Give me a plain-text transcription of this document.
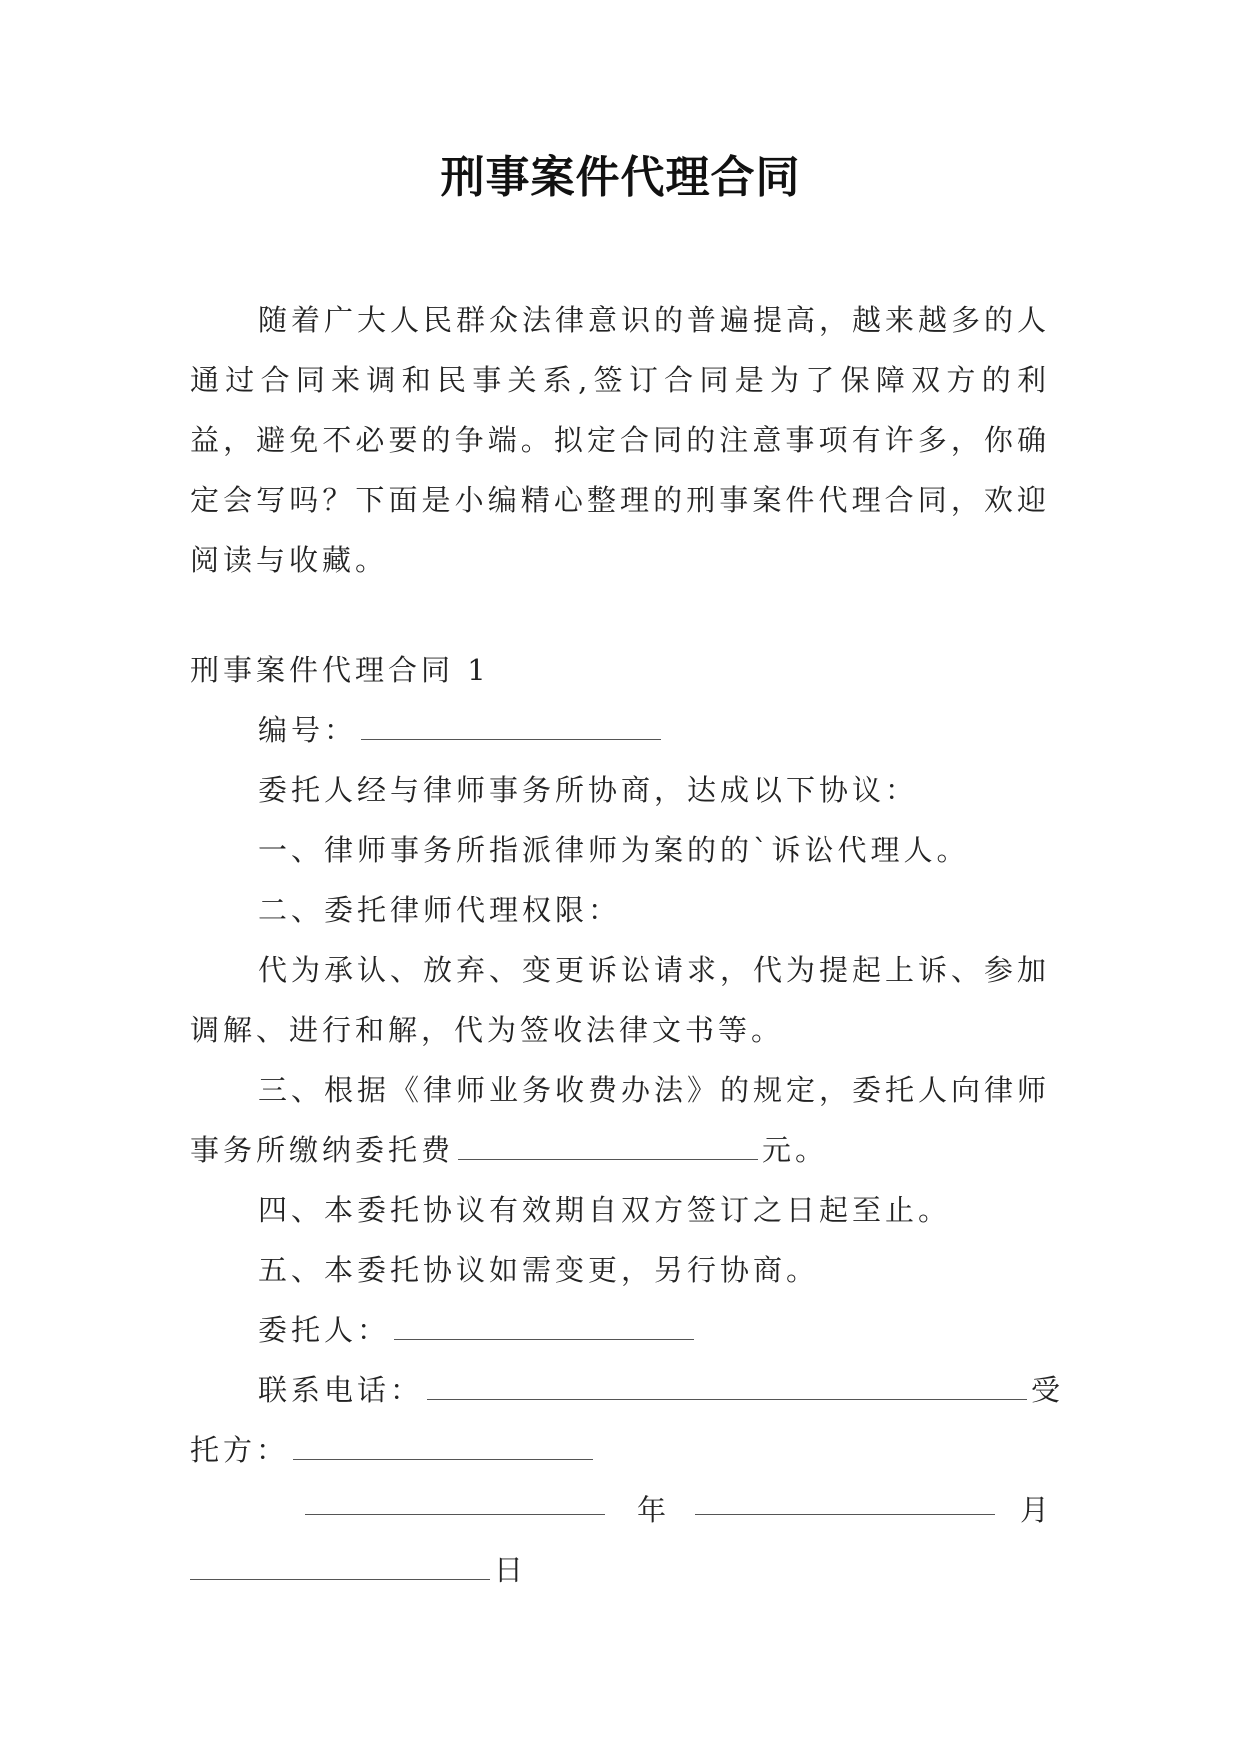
刑事案件代理合同
随着广大人民群众法律意识的普遍提高，越来越多的人通过合同来调和民事关系,签订合同是为了保障双方的利益，避免不必要的争端。拟定合同的注意事项有许多，你确定会写吗？下面是小编精心整理的刑事案件代理合同，欢迎阅读与收藏。
刑事案件代理合同 1
编号：
委托人经与律师事务所协商，达成以下协议：
一、律师事务所指派律师为案的的`诉讼代理人。
二、委托律师代理权限：
代为承认、放弃、变更诉讼请求，代为提起上诉、参加调解、进行和解，代为签收法律文书等。
三、根据《律师业务收费办法》的规定，委托人向律师事务所缴纳委托费	元。
四、本委托协议有效期自双方签订之日起至止。
五、本委托协议如需变更，另行协商。
委托人：
联系电话：	受
托方：
年	月
日
